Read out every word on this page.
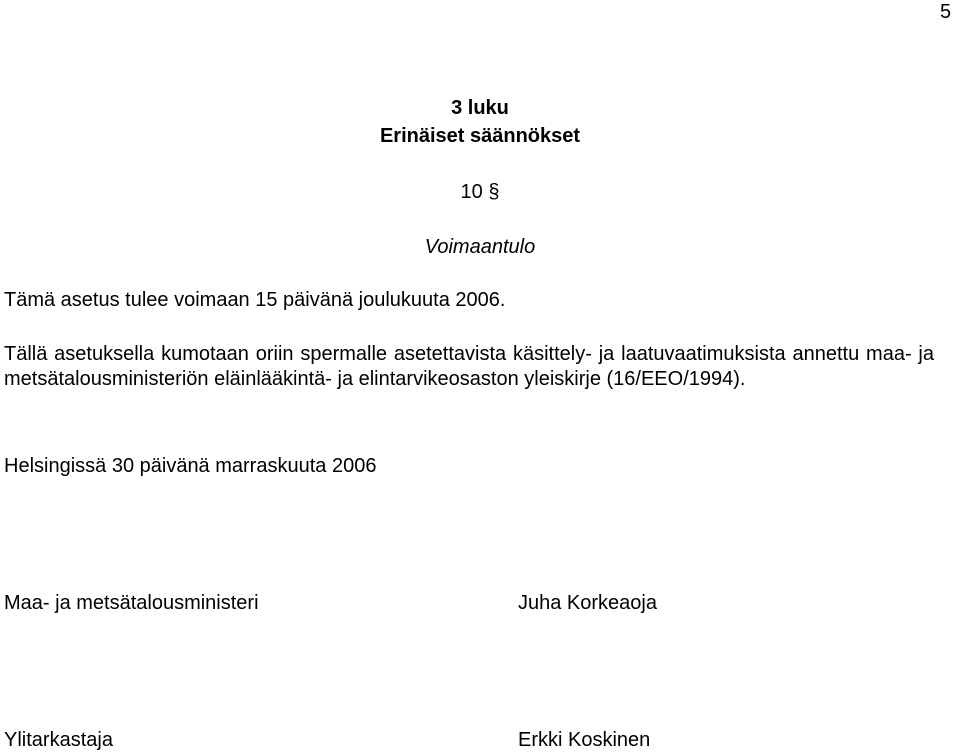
5
3 luku
Erinäiset säännökset
10 §
Voimaantulo

Tämä asetus tulee voimaan 15 päivänä joulukuuta 2006.

Tällä asetuksella kumotaan oriin spermalle asetettavista käsittely- ja laatuvaatimuksista annettu maa- ja metsätalousministeriön eläinlääkintä- ja elintarvikeosaston yleiskirje (16/EEO/1994).

Helsingissä 30 päivänä marraskuuta 2006

Maa- ja metsätalousministeri	Juha Korkeaoja
Ylitarkastaja	Erkki Koskinen
